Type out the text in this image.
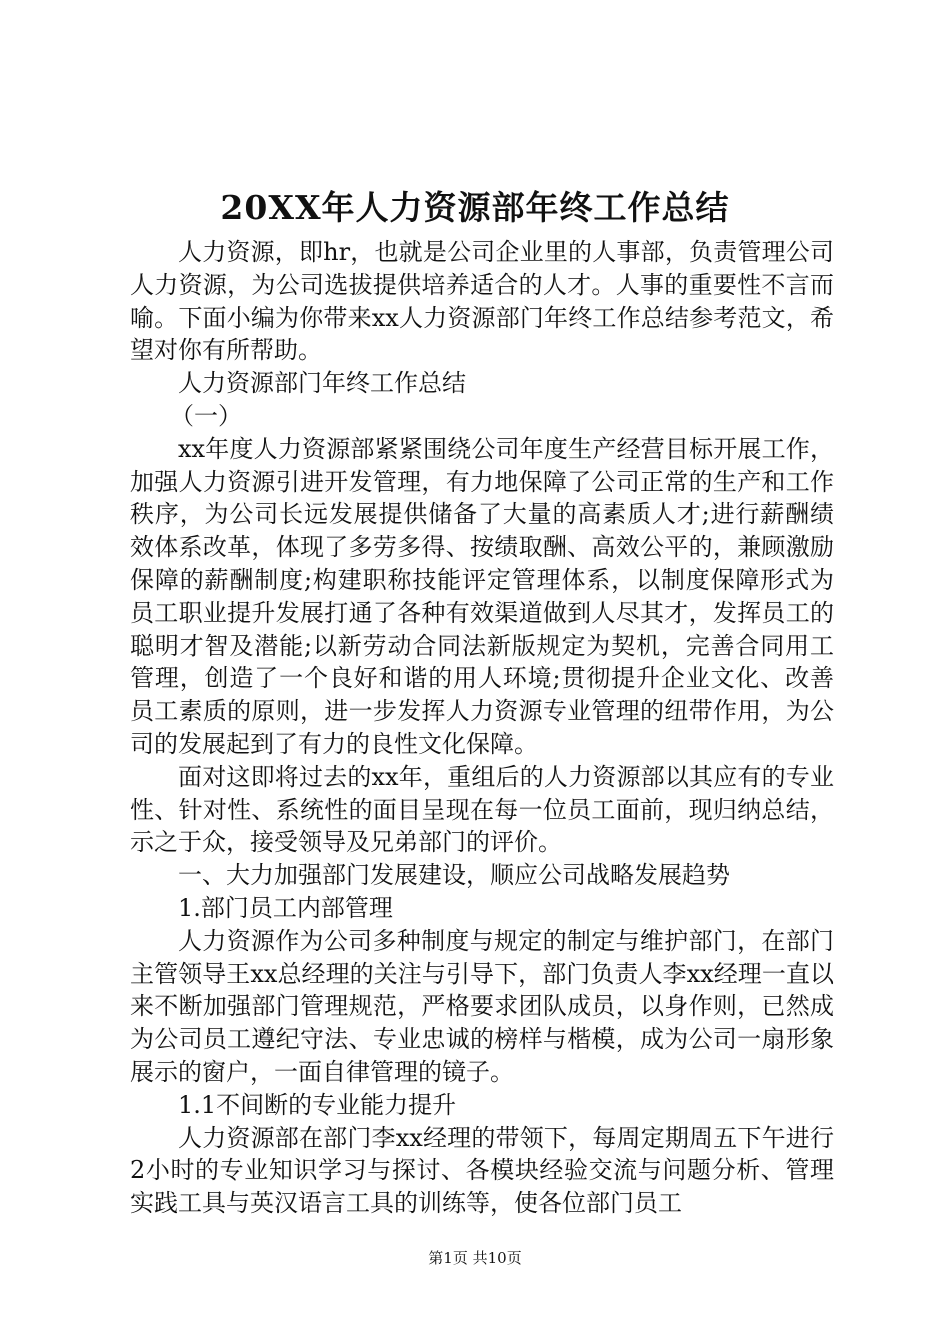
20XX年人力资源部年终工作总结

人力资源，即hr，也就是公司企业里的人事部，负责管理公司人力资源，为公司选拔提供培养适合的人才。人事的重要性不言而喻。下面小编为你带来xx人力资源部门年终工作总结参考范文，希望对你有所帮助。

人力资源部门年终工作总结

（一）

xx年度人力资源部紧紧围绕公司年度生产经营目标开展工作，加强人力资源引进开发管理，有力地保障了公司正常的生产和工作秩序，为公司长远发展提供储备了大量的高素质人才;进行薪酬绩效体系改革，体现了多劳多得、按绩取酬、高效公平的，兼顾激励保障的薪酬制度;构建职称技能评定管理体系，以制度保障形式为员工职业提升发展打通了各种有效渠道做到人尽其才，发挥员工的聪明才智及潜能;以新劳动合同法新版规定为契机，完善合同用工管理，创造了一个良好和谐的用人环境;贯彻提升企业文化、改善员工素质的原则，进一步发挥人力资源专业管理的纽带作用，为公司的发展起到了有力的良性文化保障。

面对这即将过去的xx年，重组后的人力资源部以其应有的专业性、针对性、系统性的面目呈现在每一位员工面前，现归纳总结，示之于众，接受领导及兄弟部门的评价。

一、大力加强部门发展建设，顺应公司战略发展趋势

1.部门员工内部管理

人力资源作为公司多种制度与规定的制定与维护部门，在部门主管领导王xx总经理的关注与引导下，部门负责人李xx经理一直以来不断加强部门管理规范，严格要求团队成员，以身作则，已然成为公司员工遵纪守法、专业忠诚的榜样与楷模，成为公司一扇形象展示的窗户，一面自律管理的镜子。

1.1不间断的专业能力提升

人力资源部在部门李xx经理的带领下，每周定期周五下午进行2小时的专业知识学习与探讨、各模块经验交流与问题分析、管理实践工具与英汉语言工具的训练等，使各位部门员工

第1页 共10页
